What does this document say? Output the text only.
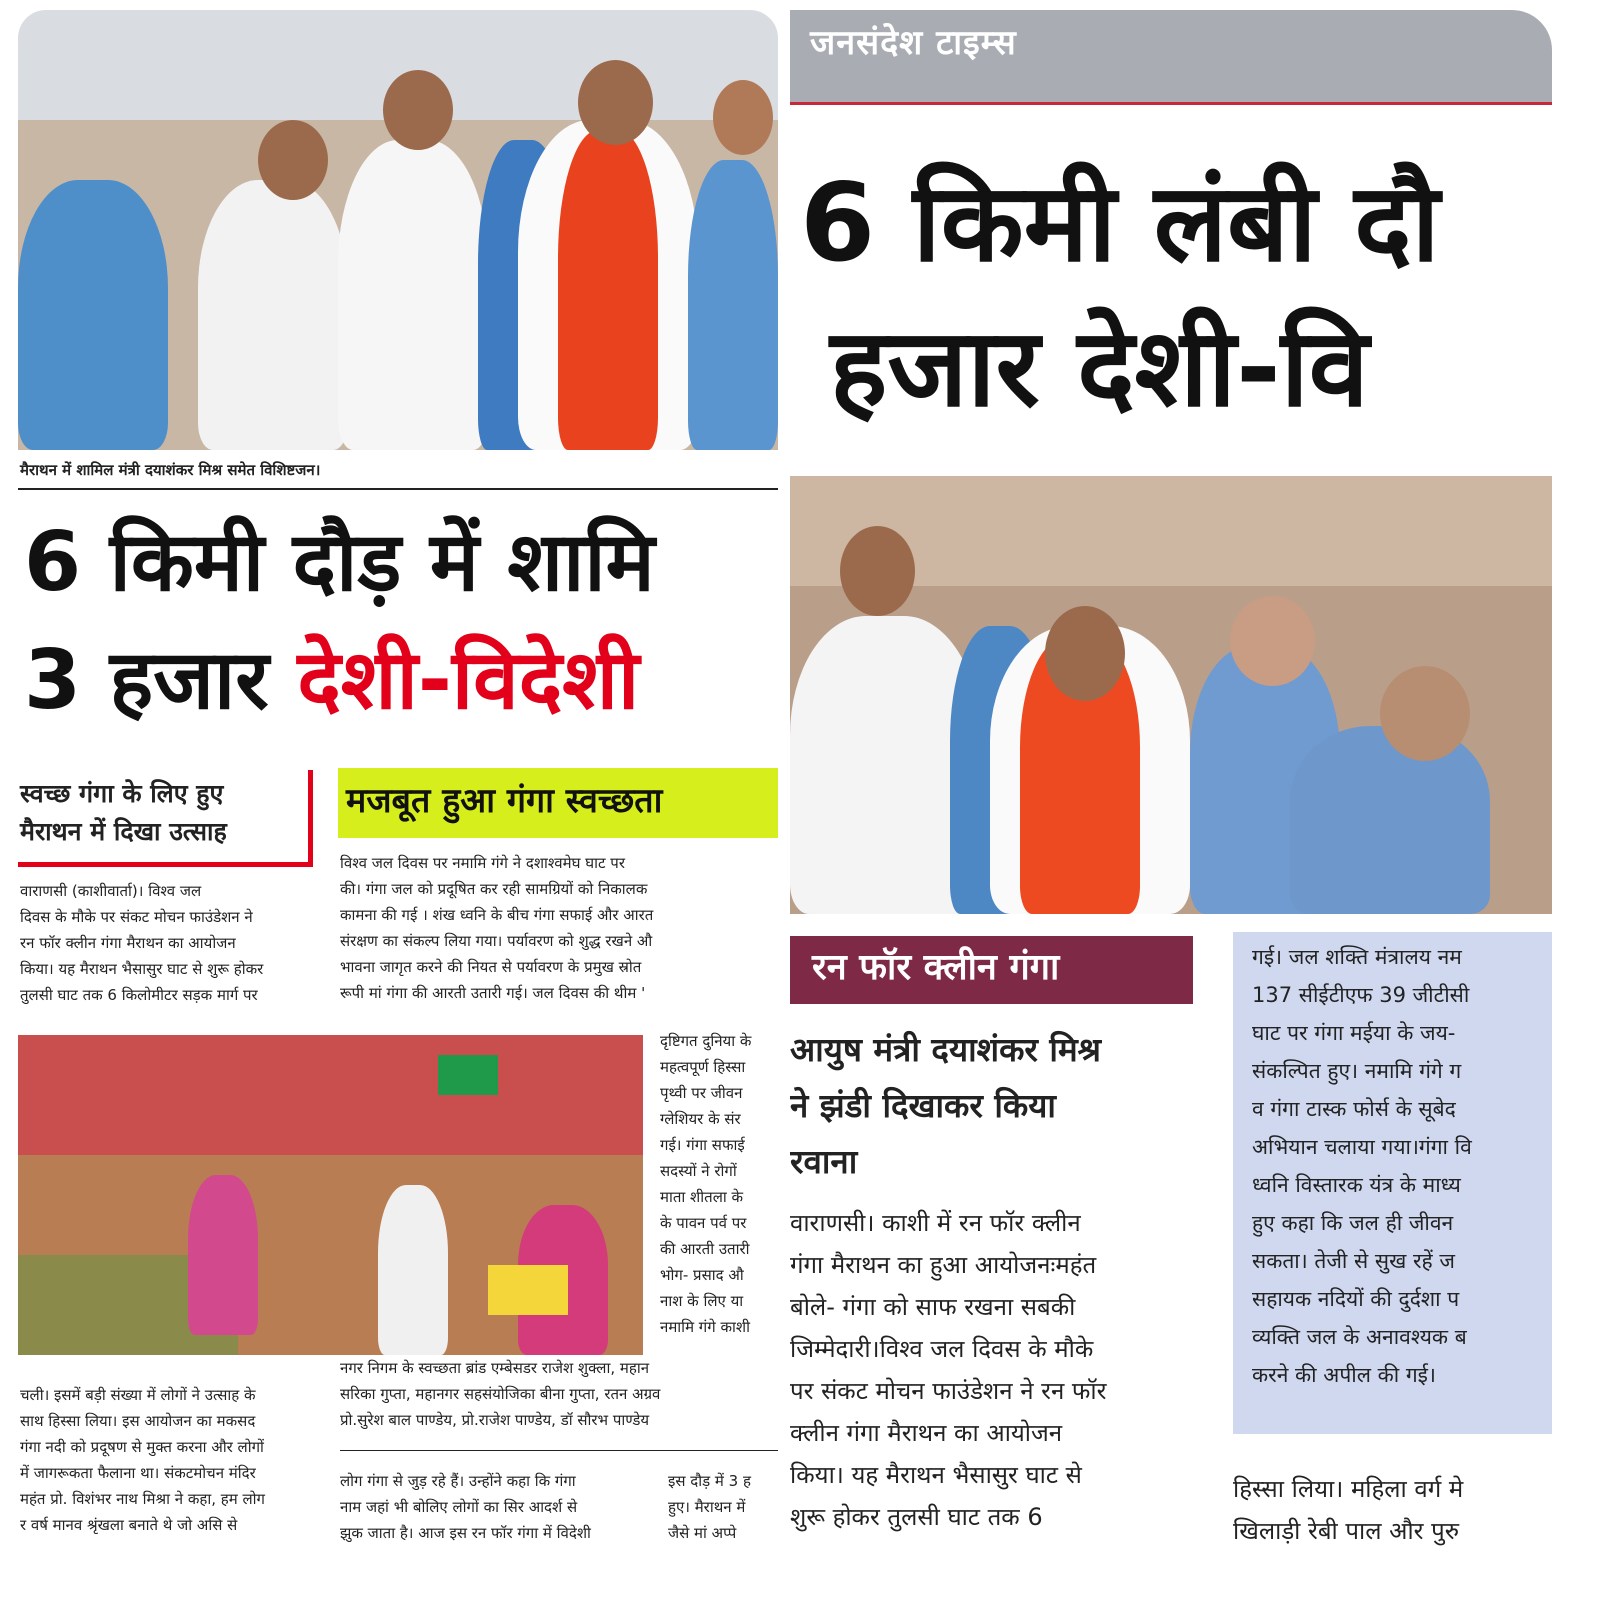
मैराथन में शामिल मंत्री दयाशंकर मिश्र समेत विशिष्टजन।
6 किमी दौड़ में शामि
3 हजार देशी-विदेशी
स्वच्छ गंगा के लिए हुए
मैराथन में दिखा उत्साह
मजबूत हुआ गंगा स्वच्छता
वाराणसी (काशीवार्ता)। विश्व जल
दिवस के मौके पर संकट मोचन फाउंडेशन ने
रन फॉर क्लीन गंगा मैराथन का आयोजन
किया। यह मैराथन भैसासुर घाट से शुरू होकर
तुलसी घाट तक 6 किलोमीटर सड़क मार्ग पर
विश्व जल दिवस पर नमामि गंगे ने दशाश्वमेघ घाट पर
की। गंगा जल को प्रदूषित कर रही सामग्रियों को निकालक
कामना की गई । शंख ध्वनि के बीच गंगा सफाई और आरत
संरक्षण का संकल्प लिया गया। पर्यावरण को शुद्ध रखने औ
भावना जागृत करने की नियत से पर्यावरण के प्रमुख स्रोत
रूपी मां गंगा की आरती उतारी गई। जल दिवस की थीम '
दृष्टिगत दुनिया के
महत्वपूर्ण हिस्सा
पृथ्वी पर जीवन
ग्लेशियर के संर
गई। गंगा सफाई
सदस्यों ने रोगों
माता शीतला के
के पावन पर्व पर
की आरती उतारी
भोग- प्रसाद औ
नाश के लिए या
नमामि गंगे काशी
चली। इसमें बड़ी संख्या में लोगों ने उत्साह के
साथ हिस्सा लिया। इस आयोजन का मकसद
गंगा नदी को प्रदूषण से मुक्त करना और लोगों
में जागरूकता फैलाना था। संकटमोचन मंदिर
महंत प्रो. विशंभर नाथ मिश्रा ने कहा, हम लोग
र वर्ष मानव श्रृंखला बनाते थे जो असि से
नगर निगम के स्वच्छता ब्रांड एम्बेसडर राजेश शुक्ला, महान
सरिका गुप्ता, महानगर सहसंयोजिका बीना गुप्ता, रतन अग्रव
प्रो.सुरेश बाल पाण्डेय, प्रो.राजेश पाण्डेय, डॉ सौरभ पाण्डेय
लोग गंगा से जुड़ रहे हैं। उन्होंने कहा कि गंगा
नाम जहां भी बोलिए लोगों का सिर आदर्श से
झुक जाता है। आज इस रन फॉर गंगा में विदेशी
इस दौड़ में 3 ह
हुए। मैराथन में
जैसे मां अप्पे
जनसंदेश टाइम्स
6 किमी लंबी दौ
हजार देशी-वि
रन फॉर क्लीन गंगा
आयुष मंत्री दयाशंकर मिश्र
ने झंडी दिखाकर किया
रवाना
वाराणसी। काशी में रन फॉर क्लीन
गंगा मैराथन का हुआ आयोजनःमहंत
बोले- गंगा को साफ रखना सबकी
जिम्मेदारी।विश्व जल दिवस के मौके
पर संकट मोचन फाउंडेशन ने रन फॉर
क्लीन गंगा मैराथन का आयोजन
किया। यह मैराथन भैसासुर घाट से
शुरू होकर तुलसी घाट तक 6
गई। जल शक्ति मंत्रालय नम
137 सीईटीएफ 39 जीटीसी
घाट पर गंगा मईया के जय-
संकल्पित हुए। नमामि गंगे ग
व गंगा टास्क फोर्स के सूबेद
अभियान चलाया गया।गंगा वि
ध्वनि विस्तारक यंत्र के माध्य
हुए कहा कि जल ही जीवन
सकता। तेजी से सुख रहें ज
सहायक नदियों की दुर्दशा प
व्यक्ति जल के अनावश्यक ब
करने की अपील की गई।
हिस्सा लिया। महिला वर्ग मे
खिलाड़ी रेबी पाल और पुरु
